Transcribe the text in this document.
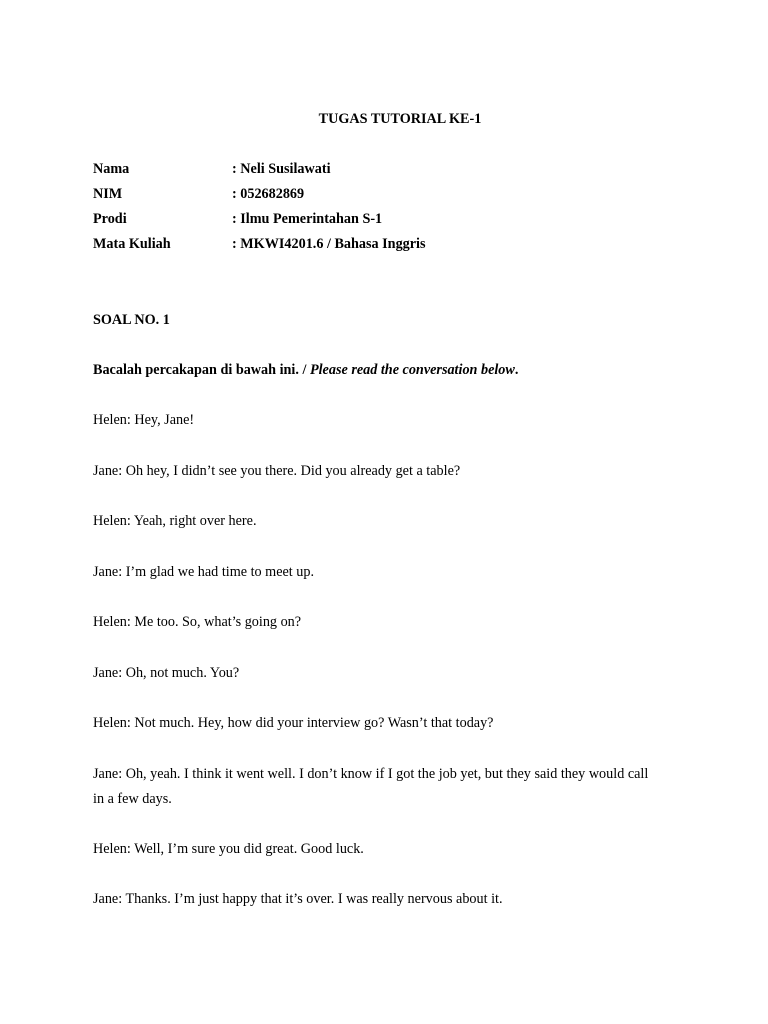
TUGAS TUTORIAL KE-1
Nama	: Neli Susilawati
NIM	: 052682869
Prodi	: Ilmu Pemerintahan S-1
Mata Kuliah	: MKWI4201.6 / Bahasa Inggris
SOAL NO. 1
Bacalah percakapan di bawah ini. / Please read the conversation below.
Helen: Hey, Jane!
Jane: Oh hey, I didn’t see you there. Did you already get a table?
Helen: Yeah, right over here.
Jane: I’m glad we had time to meet up.
Helen: Me too. So, what’s going on?
Jane: Oh, not much. You?
Helen: Not much. Hey, how did your interview go? Wasn’t that today?
Jane: Oh, yeah. I think it went well. I don’t know if I got the job yet, but they said they would call in a few days.
Helen: Well, I’m sure you did great. Good luck.
Jane: Thanks. I’m just happy that it’s over. I was really nervous about it.
